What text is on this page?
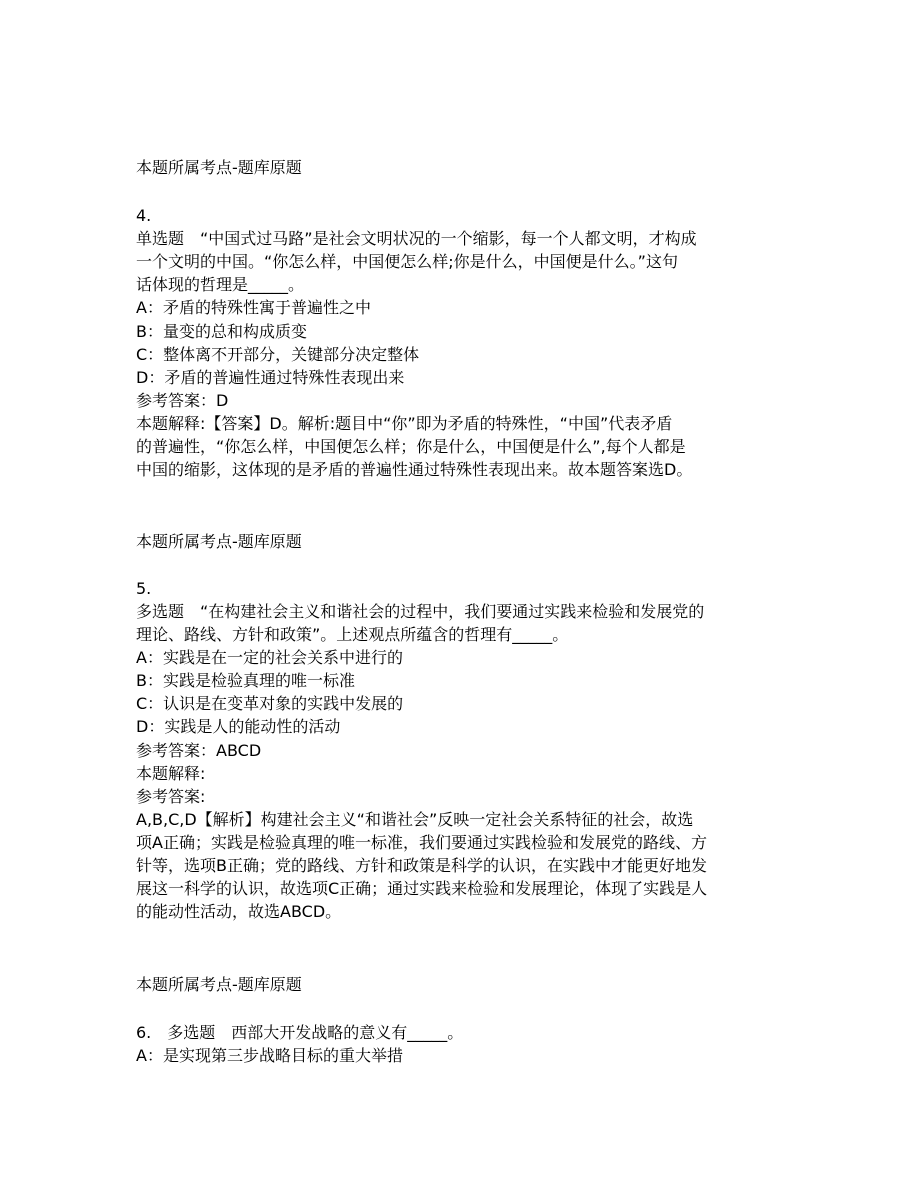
本题所属考点-题库原题
4.
单选题　“中国式过马路”是社会文明状况的一个缩影，每一个人都文明，才构成
一个文明的中国。“你怎么样，中国便怎么样;你是什么，中国便是什么。”这句
话体现的哲理是_____。
A：矛盾的特殊性寓于普遍性之中
B：量变的总和构成质变
C：整体离不开部分，关键部分决定整体
D：矛盾的普遍性通过特殊性表现出来
参考答案：D
本题解释:【答案】D。解析:题目中“你”即为矛盾的特殊性，“中国”代表矛盾
的普遍性，“你怎么样，中国便怎么样；你是什么，中国便是什么”,每个人都是
中国的缩影，这体现的是矛盾的普遍性通过特殊性表现出来。故本题答案选D。
本题所属考点-题库原题
5.
多选题　“在构建社会主义和谐社会的过程中，我们要通过实践来检验和发展党的
理论、路线、方针和政策”。上述观点所蕴含的哲理有_____。
A：实践是在一定的社会关系中进行的
B：实践是检验真理的唯一标准
C：认识是在变革对象的实践中发展的
D：实践是人的能动性的活动
参考答案：ABCD
本题解释:
参考答案:
A,B,C,D【解析】构建社会主义“和谐社会”反映一定社会关系特征的社会，故选
项A正确；实践是检验真理的唯一标准，我们要通过实践检验和发展党的路线、方
针等，选项B正确；党的路线、方针和政策是科学的认识，在实践中才能更好地发
展这一科学的认识，故选项C正确；通过实践来检验和发展理论，体现了实践是人
的能动性活动，故选ABCD。
本题所属考点-题库原题
6.　多选题　西部大开发战略的意义有_____。
A：是实现第三步战略目标的重大举措
